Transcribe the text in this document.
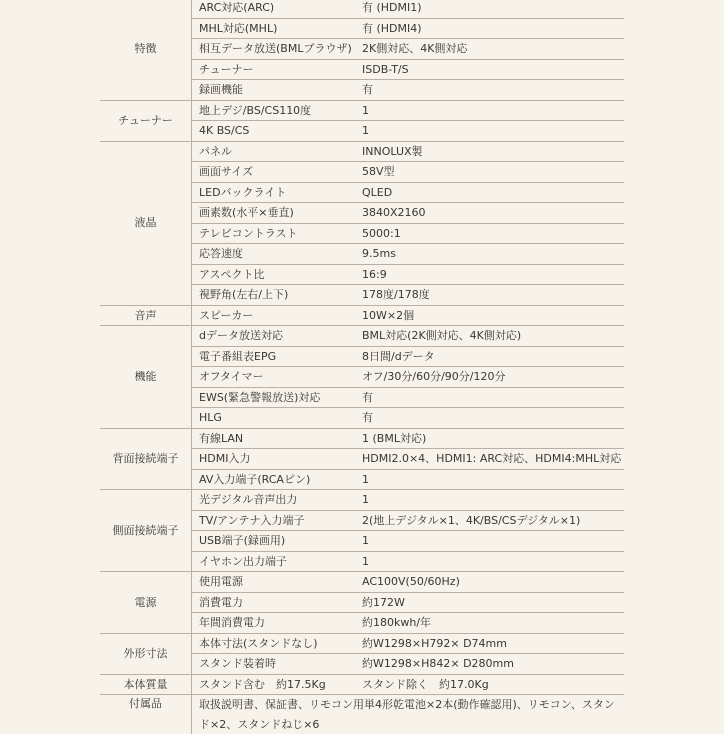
特徴	ARC対応(ARC)	有 (HDMI1)
	MHL対応(MHL)	有 (HDMI4)
	相互データ放送(BMLブラウザ)	2K側対応、4K側対応
	チューナー	ISDB-T/S
	録画機能	有
チューナー	地上デジ/BS/CS110度	1
	4K BS/CS	1
液晶	パネル	INNOLUX製
	画面サイズ	58V型
	LEDバックライト	QLED
	画素数(水平×垂直)	3840X2160
	テレビコントラスト	5000:1
	応答速度	9.5ms
	アスペクト比	16:9
	視野角(左右/上下)	178度/178度
音声	スピーカー	10W×2個
機能	dデータ放送対応	BML対応(2K側対応、4K側対応)
	電子番組表EPG	8日間/dデータ
	オフタイマー	オフ/30分/60分/90分/120分
	EWS(緊急警報放送)対応	有
	HLG	有
背面接続端子	有線LAN	1 (BML対応)
	HDMI入力	HDMI2.0×4、HDMI1: ARC対応、HDMI4:MHL対応
	AV入力端子(RCAピン)	1
側面接続端子	光デジタル音声出力	1
	TV/アンテナ入力端子	2(地上デジタル×1、4K/BS/CSデジタル×1)
	USB端子(録画用)	1
	イヤホン出力端子	1
電源	使用電源	AC100V(50/60Hz)
	消費電力	約172W
	年間消費電力	約180kwh/年
外形寸法	本体寸法(スタンドなし)	約W1298×H792× D74mm
	スタンド装着時	約W1298×H842× D280mm
本体質量	スタンド含む　約17.5Kg	スタンド除く　約17.0Kg
付属品	取扱説明書、保証書、リモコン用単4形乾電池×2本(動作確認用)、リモコン、スタンド×2、スタンドねじ×6	
